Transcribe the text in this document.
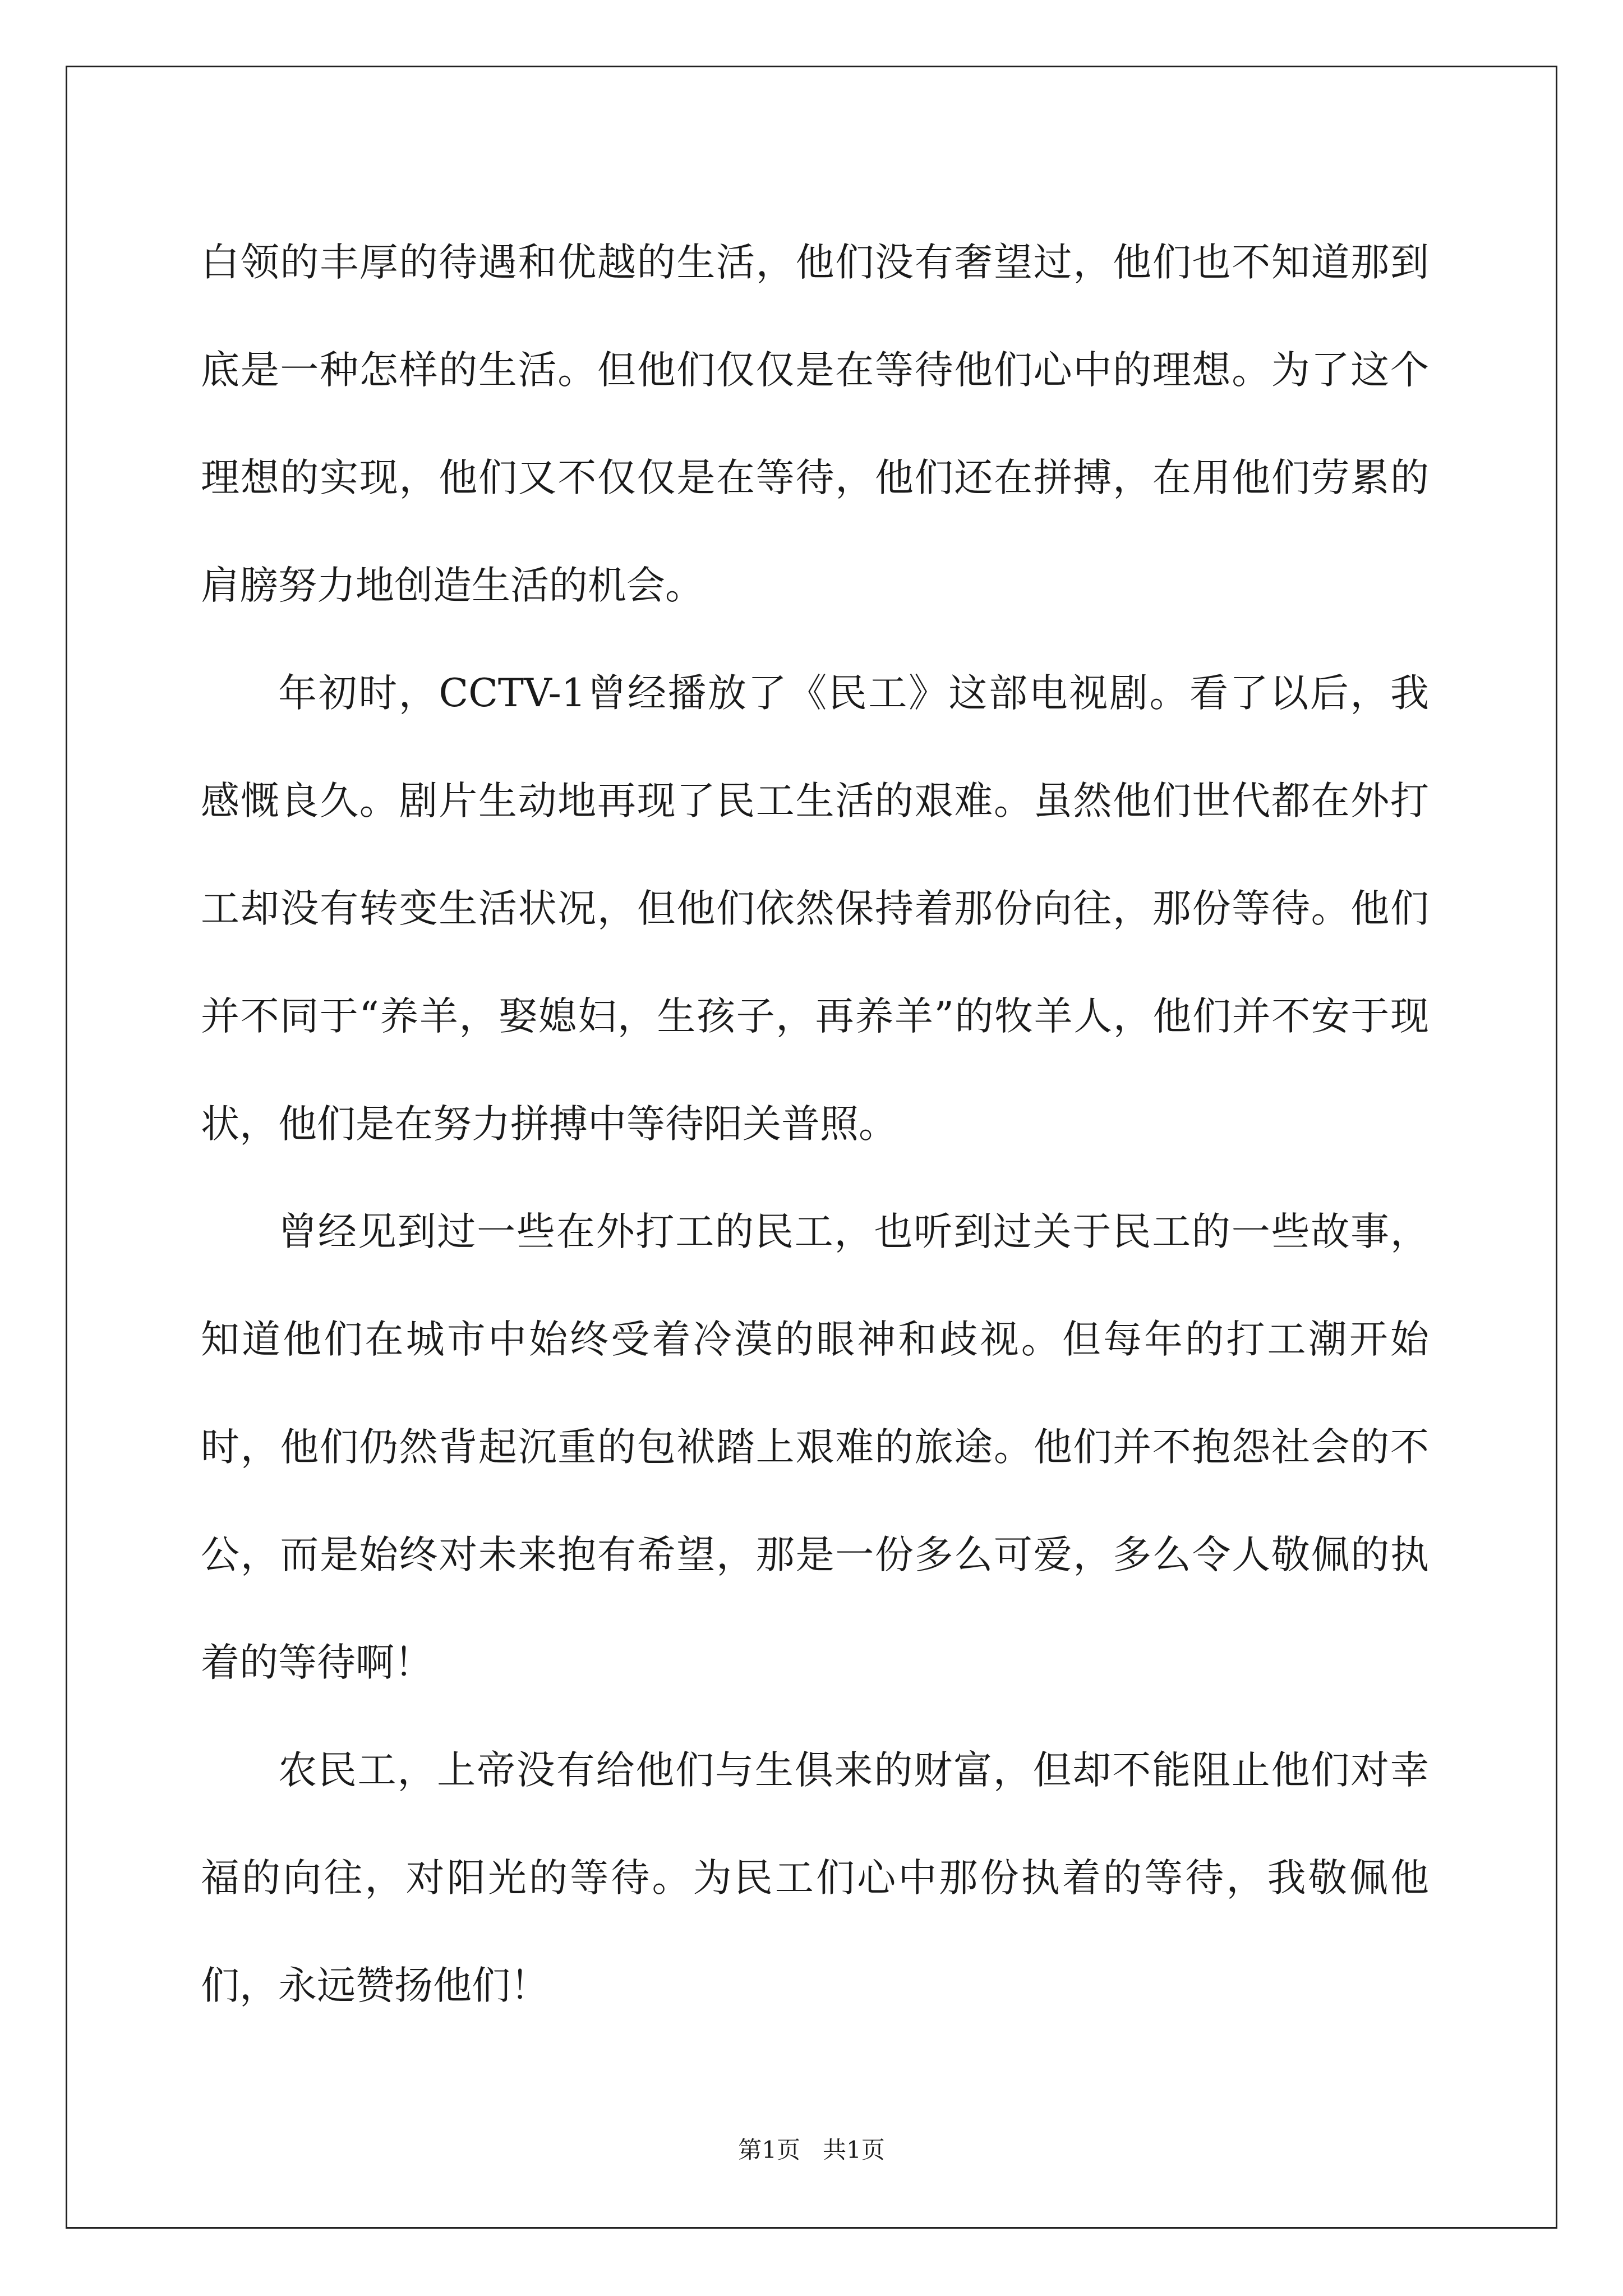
白领的丰厚的待遇和优越的生活，他们没有奢望过，他们也不知道那到底是一种怎样的生活。但他们仅仅是在等待他们心中的理想。为了这个理想的实现，他们又不仅仅是在等待，他们还在拼搏，在用他们劳累的肩膀努力地创造生活的机会。

年初时，CCTV-1曾经播放了《民工》这部电视剧。看了以后，我感慨良久。剧片生动地再现了民工生活的艰难。虽然他们世代都在外打工却没有转变生活状况，但他们依然保持着那份向往，那份等待。他们并不同于“养羊，娶媳妇，生孩子，再养羊”的牧羊人，他们并不安于现状，他们是在努力拼搏中等待阳关普照。

曾经见到过一些在外打工的民工，也听到过关于民工的一些故事，知道他们在城市中始终受着冷漠的眼神和歧视。但每年的打工潮开始时，他们仍然背起沉重的包袱踏上艰难的旅途。他们并不抱怨社会的不公，而是始终对未来抱有希望，那是一份多么可爱，多么令人敬佩的执着的等待啊！

农民工，上帝没有给他们与生俱来的财富，但却不能阻止他们对幸福的向往，对阳光的等待。为民工们心中那份执着的等待，我敬佩他们，永远赞扬他们！

第1页   共1页
